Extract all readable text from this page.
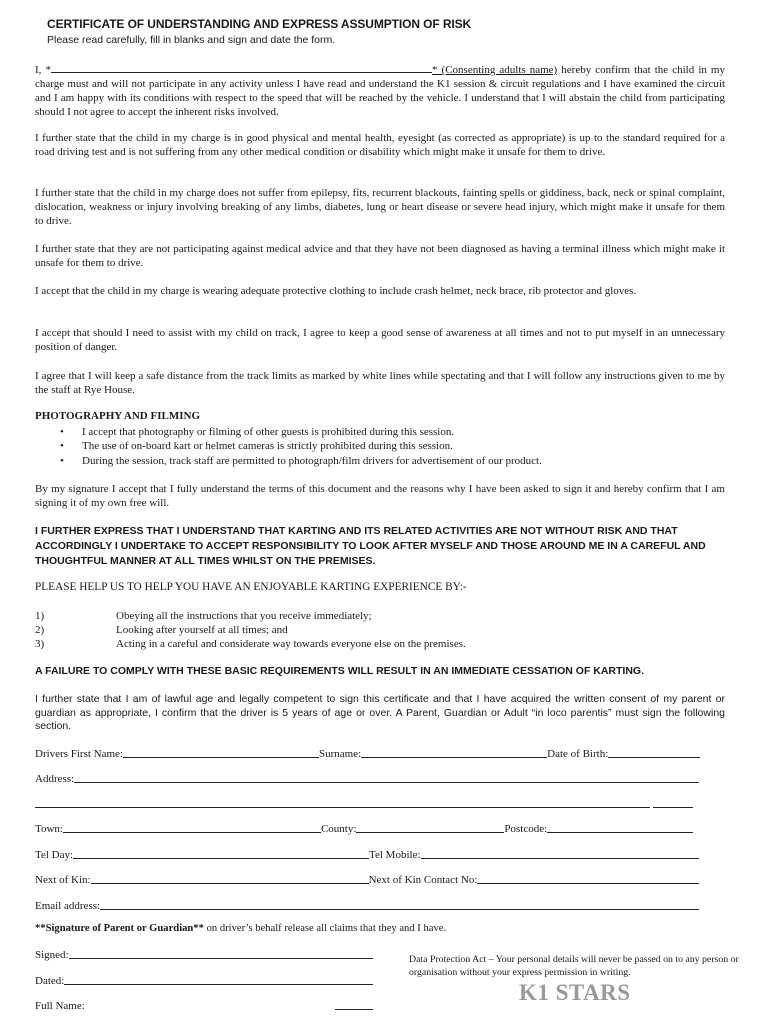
CERTIFICATE OF UNDERSTANDING AND EXPRESS ASSUMPTION OF RISK
Please read carefully, fill in blanks and sign and date the form.
I, *	* (Consenting adults name) hereby confirm that the child in my charge must and will not participate in any activity unless I have read and understand the K1 session & circuit regulations and I have examined the circuit and I am happy with its conditions with respect to the speed that will be reached by the vehicle. I understand that I will abstain the child from participating should I not agree to accept the inherent risks involved.
I further state that the child in my charge is in good physical and mental health, eyesight (as corrected as appropriate) is up to the standard required for a road driving test and is not suffering from any other medical condition or disability which might make it unsafe for them to drive.
I further state that the child in my charge does not suffer from epilepsy, fits, recurrent blackouts, fainting spells or giddiness, back, neck or spinal complaint, dislocation, weakness or injury involving breaking of any limbs, diabetes, lung or heart disease or severe head injury, which might make it unsafe for them to drive.
I further state that they are not participating against medical advice and that they have not been diagnosed as having a terminal illness which might make it unsafe for them to drive.
I accept that the child in my charge is wearing adequate protective clothing to include crash helmet, neck brace, rib protector and gloves.
I accept that should I need to assist with my child on track, I agree to keep a good sense of awareness at all times and not to put myself in an unnecessary position of danger.
I agree that I will keep a safe distance from the track limits as marked by white lines while spectating and that I will follow any instructions given to me by the staff at Rye House.
PHOTOGRAPHY AND FILMING
•	I accept that photography or filming of other guests is prohibited during this session.
•	The use of on-board kart or helmet cameras is strictly prohibited during this session.
•	During the session, track staff are permitted to photograph/film drivers for advertisement of our product.
By my signature I accept that I fully understand the terms of this document and the reasons why I have been asked to sign it and hereby confirm that I am signing it of my own free will.
I FURTHER EXPRESS THAT I UNDERSTAND THAT KARTING AND ITS RELATED ACTIVITIES ARE NOT WITHOUT RISK AND THAT ACCORDINGLY I UNDERTAKE TO ACCEPT RESPONSIBILITY TO LOOK AFTER MYSELF AND THOSE AROUND ME IN A CAREFUL AND THOUGHTFUL MANNER AT ALL TIMES WHILST ON THE PREMISES.
PLEASE HELP US TO HELP YOU HAVE AN ENJOYABLE KARTING EXPERIENCE BY:-
1)	Obeying all the instructions that you receive immediately;
2)	Looking after yourself at all times; and
3)	Acting in a careful and considerate way towards everyone else on the premises.
A FAILURE TO COMPLY WITH THESE BASIC REQUIREMENTS WILL RESULT IN AN IMMEDIATE CESSATION OF KARTING.
I further state that I am of lawful age and legally competent to sign this certificate and that I have acquired the written consent of my parent or guardian as appropriate, I confirm that the driver is 5 years of age or over. A Parent, Guardian or Adult “in loco parentis” must sign the following section.
Drivers First Name:	Surname:	Date of Birth:
Address:
Town:	County:	Postcode:
Tel Day:	Tel Mobile:
Next of Kin:	Next of Kin Contact No:
Email address:
**Signature of Parent or Guardian** on driver’s behalf release all claims that they and I have.
Signed:
Dated:
Full Name:
Data Protection Act – Your personal details will never be passed on to any person or organisation without your express permission in writing.
K1 STARS
